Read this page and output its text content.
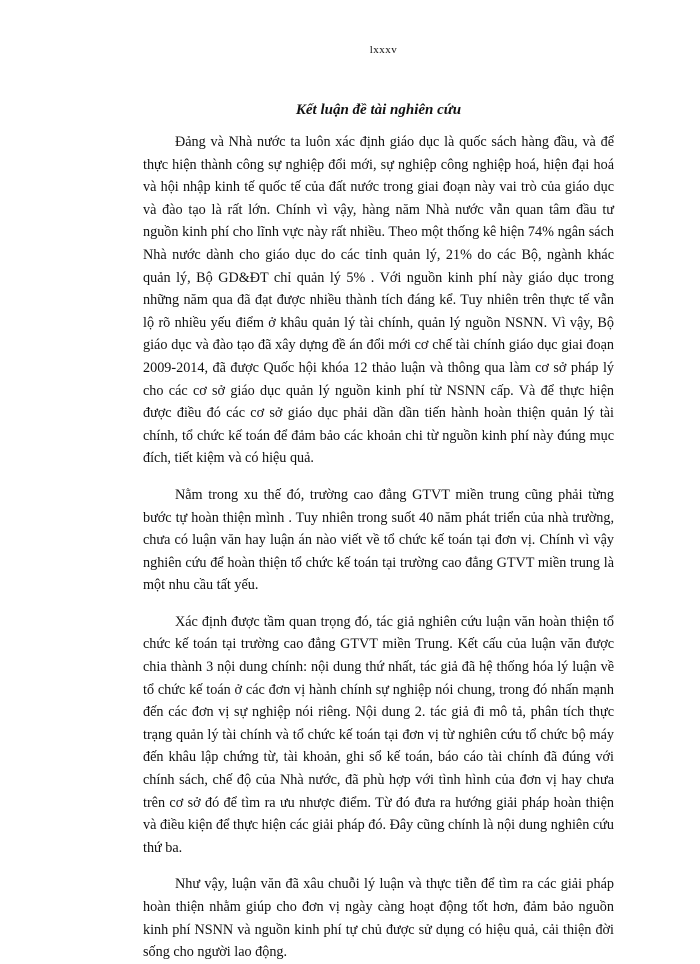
lxxxv
Kết luận đề tài nghiên cứu

Đảng và Nhà nước ta luôn xác định giáo dục là quốc sách hàng đầu, và để thực hiện thành công sự nghiệp đổi mới, sự nghiệp công nghiệp hoá, hiện đại hoá và hội nhập kinh tế quốc tế của đất nước trong giai đoạn này vai trò của giáo dục và đào tạo là rất lớn. Chính vì vậy, hàng năm Nhà nước vẫn quan tâm đầu tư nguồn kinh phí cho lĩnh vực này rất nhiều. Theo một thống kê hiện 74% ngân sách Nhà nước dành cho giáo dục do các tỉnh quản lý, 21% do các Bộ, ngành khác quản lý, Bộ GD&ĐT chỉ quản lý 5% . Với nguồn kinh phí này giáo dục trong những năm qua đã đạt được nhiều thành tích đáng kể. Tuy nhiên trên thực tế vẫn lộ rõ nhiều yếu điểm ở khâu quản lý tài chính, quản lý nguồn NSNN. Vì vậy, Bộ giáo dục và đào tạo đã xây dựng đề án đổi mới cơ chế tài chính giáo dục giai đoạn 2009-2014, đã được Quốc hội khóa 12 thảo luận và thông qua làm cơ sở pháp lý cho các cơ sở giáo dục quản lý nguồn kinh phí từ NSNN cấp. Và để thực hiện được điều đó các cơ sở giáo dục phải dần dần tiến hành hoàn thiện quản lý tài chính, tổ chức kế toán để đảm bảo các khoản chi từ nguồn kinh phí này đúng mục đích, tiết kiệm và có hiệu quả.

Nằm trong xu thế đó, trường cao đẳng GTVT miền trung cũng phải từng bước tự hoàn thiện mình . Tuy nhiên trong suốt 40 năm phát triển của nhà trường, chưa có luận văn hay luận án nào viết về tổ chức kế toán tại đơn vị. Chính vì vậy nghiên cứu để hoàn thiện tổ chức kế toán tại trường cao đẳng GTVT miền trung là một nhu cầu tất yếu.

Xác định được tầm quan trọng đó, tác giả nghiên cứu luận văn hoàn thiện tổ chức kế toán tại trường cao đẳng GTVT miền Trung. Kết cấu của luận văn được chia thành 3 nội dung chính: nội dung thứ nhất, tác giả đã hệ thống hóa lý luận về tổ chức kế toán ở các đơn vị hành chính sự nghiệp nói chung, trong đó nhấn mạnh đến các đơn vị sự nghiệp nói riêng. Nội dung 2. tác giả đi mô tả, phân tích thực trạng quản lý tài chính và tổ chức kế toán tại đơn vị từ nghiên cứu tổ chức bộ máy đến khâu lập chứng từ, tài khoản, ghi sổ kế toán, báo cáo tài chính đã đúng với chính sách, chế độ của Nhà nước, đã phù hợp với tình hình của đơn vị hay chưa trên cơ sở đó để tìm ra ưu nhược điểm. Từ đó đưa ra hướng giải pháp hoàn thiện và điều kiện để thực hiện các giải pháp đó. Đây cũng chính là nội dung nghiên cứu thứ ba.

Như vậy, luận văn đã xâu chuỗi lý luận và thực tiễn để tìm ra các giải pháp hoàn thiện nhằm giúp cho đơn vị ngày càng hoạt động tốt hơn, đảm bảo nguồn kinh phí NSNN và nguồn kinh phí tự chủ được sử dụng có hiệu quả, cải thiện đời sống cho người lao động.
